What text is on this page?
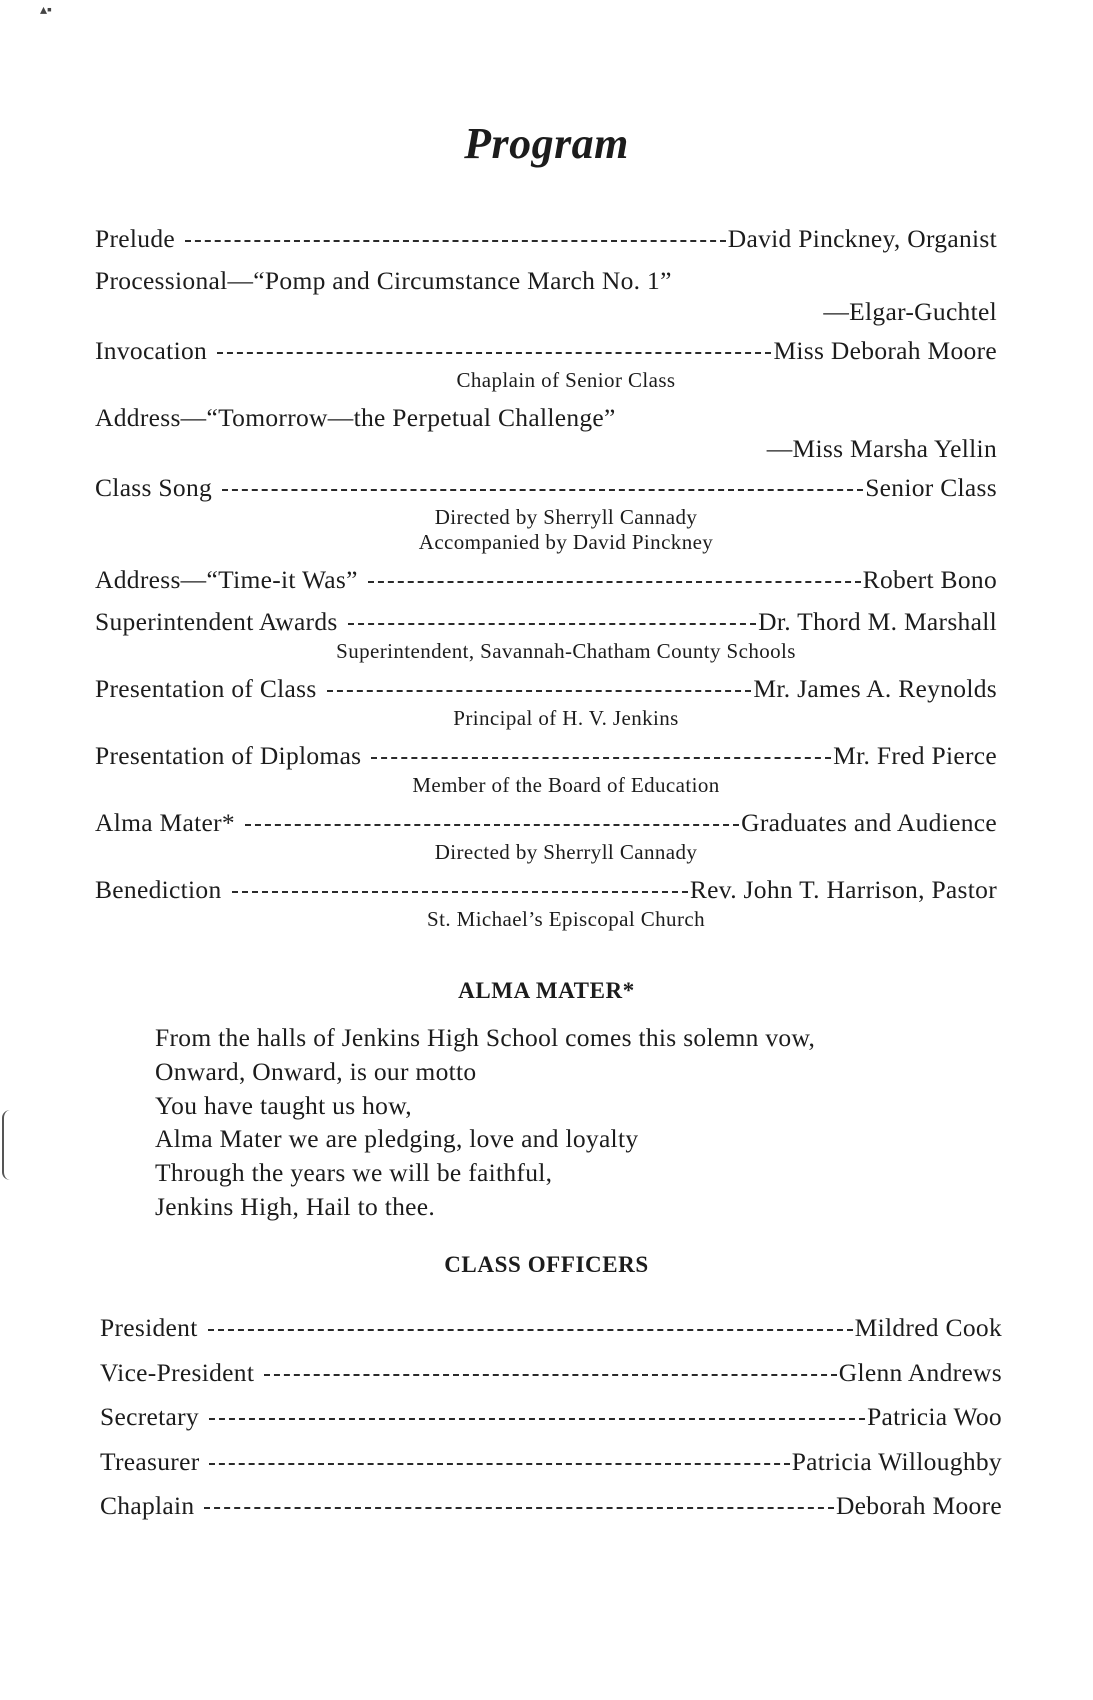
Program
Prelude	David Pinckney, Organist
Processional—“Pomp and Circumstance March No. 1”
—Elgar-Guchtel
Invocation	Miss Deborah Moore
Chaplain of Senior Class
Address—“Tomorrow—the Perpetual Challenge”
—Miss Marsha Yellin
Class Song	Senior Class
Directed by Sherryll Cannady
Accompanied by David Pinckney
Address—“Time-it Was”	Robert Bono
Superintendent Awards	Dr. Thord M. Marshall
Superintendent, Savannah-Chatham County Schools
Presentation of Class	Mr. James A. Reynolds
Principal of H. V. Jenkins
Presentation of Diplomas	Mr. Fred Pierce
Member of the Board of Education
Alma Mater*	Graduates and Audience
Directed by Sherryll Cannady
Benediction	Rev. John T. Harrison, Pastor
St. Michael’s Episcopal Church
ALMA MATER*
From the halls of Jenkins High School comes this solemn vow,
Onward, Onward, is our motto
You have taught us how,
Alma Mater we are pledging, love and loyalty
Through the years we will be faithful,
Jenkins High, Hail to thee.
CLASS OFFICERS
President	Mildred Cook
Vice-President	Glenn Andrews
Secretary	Patricia Woo
Treasurer	Patricia Willoughby
Chaplain	Deborah Moore
▴▪
